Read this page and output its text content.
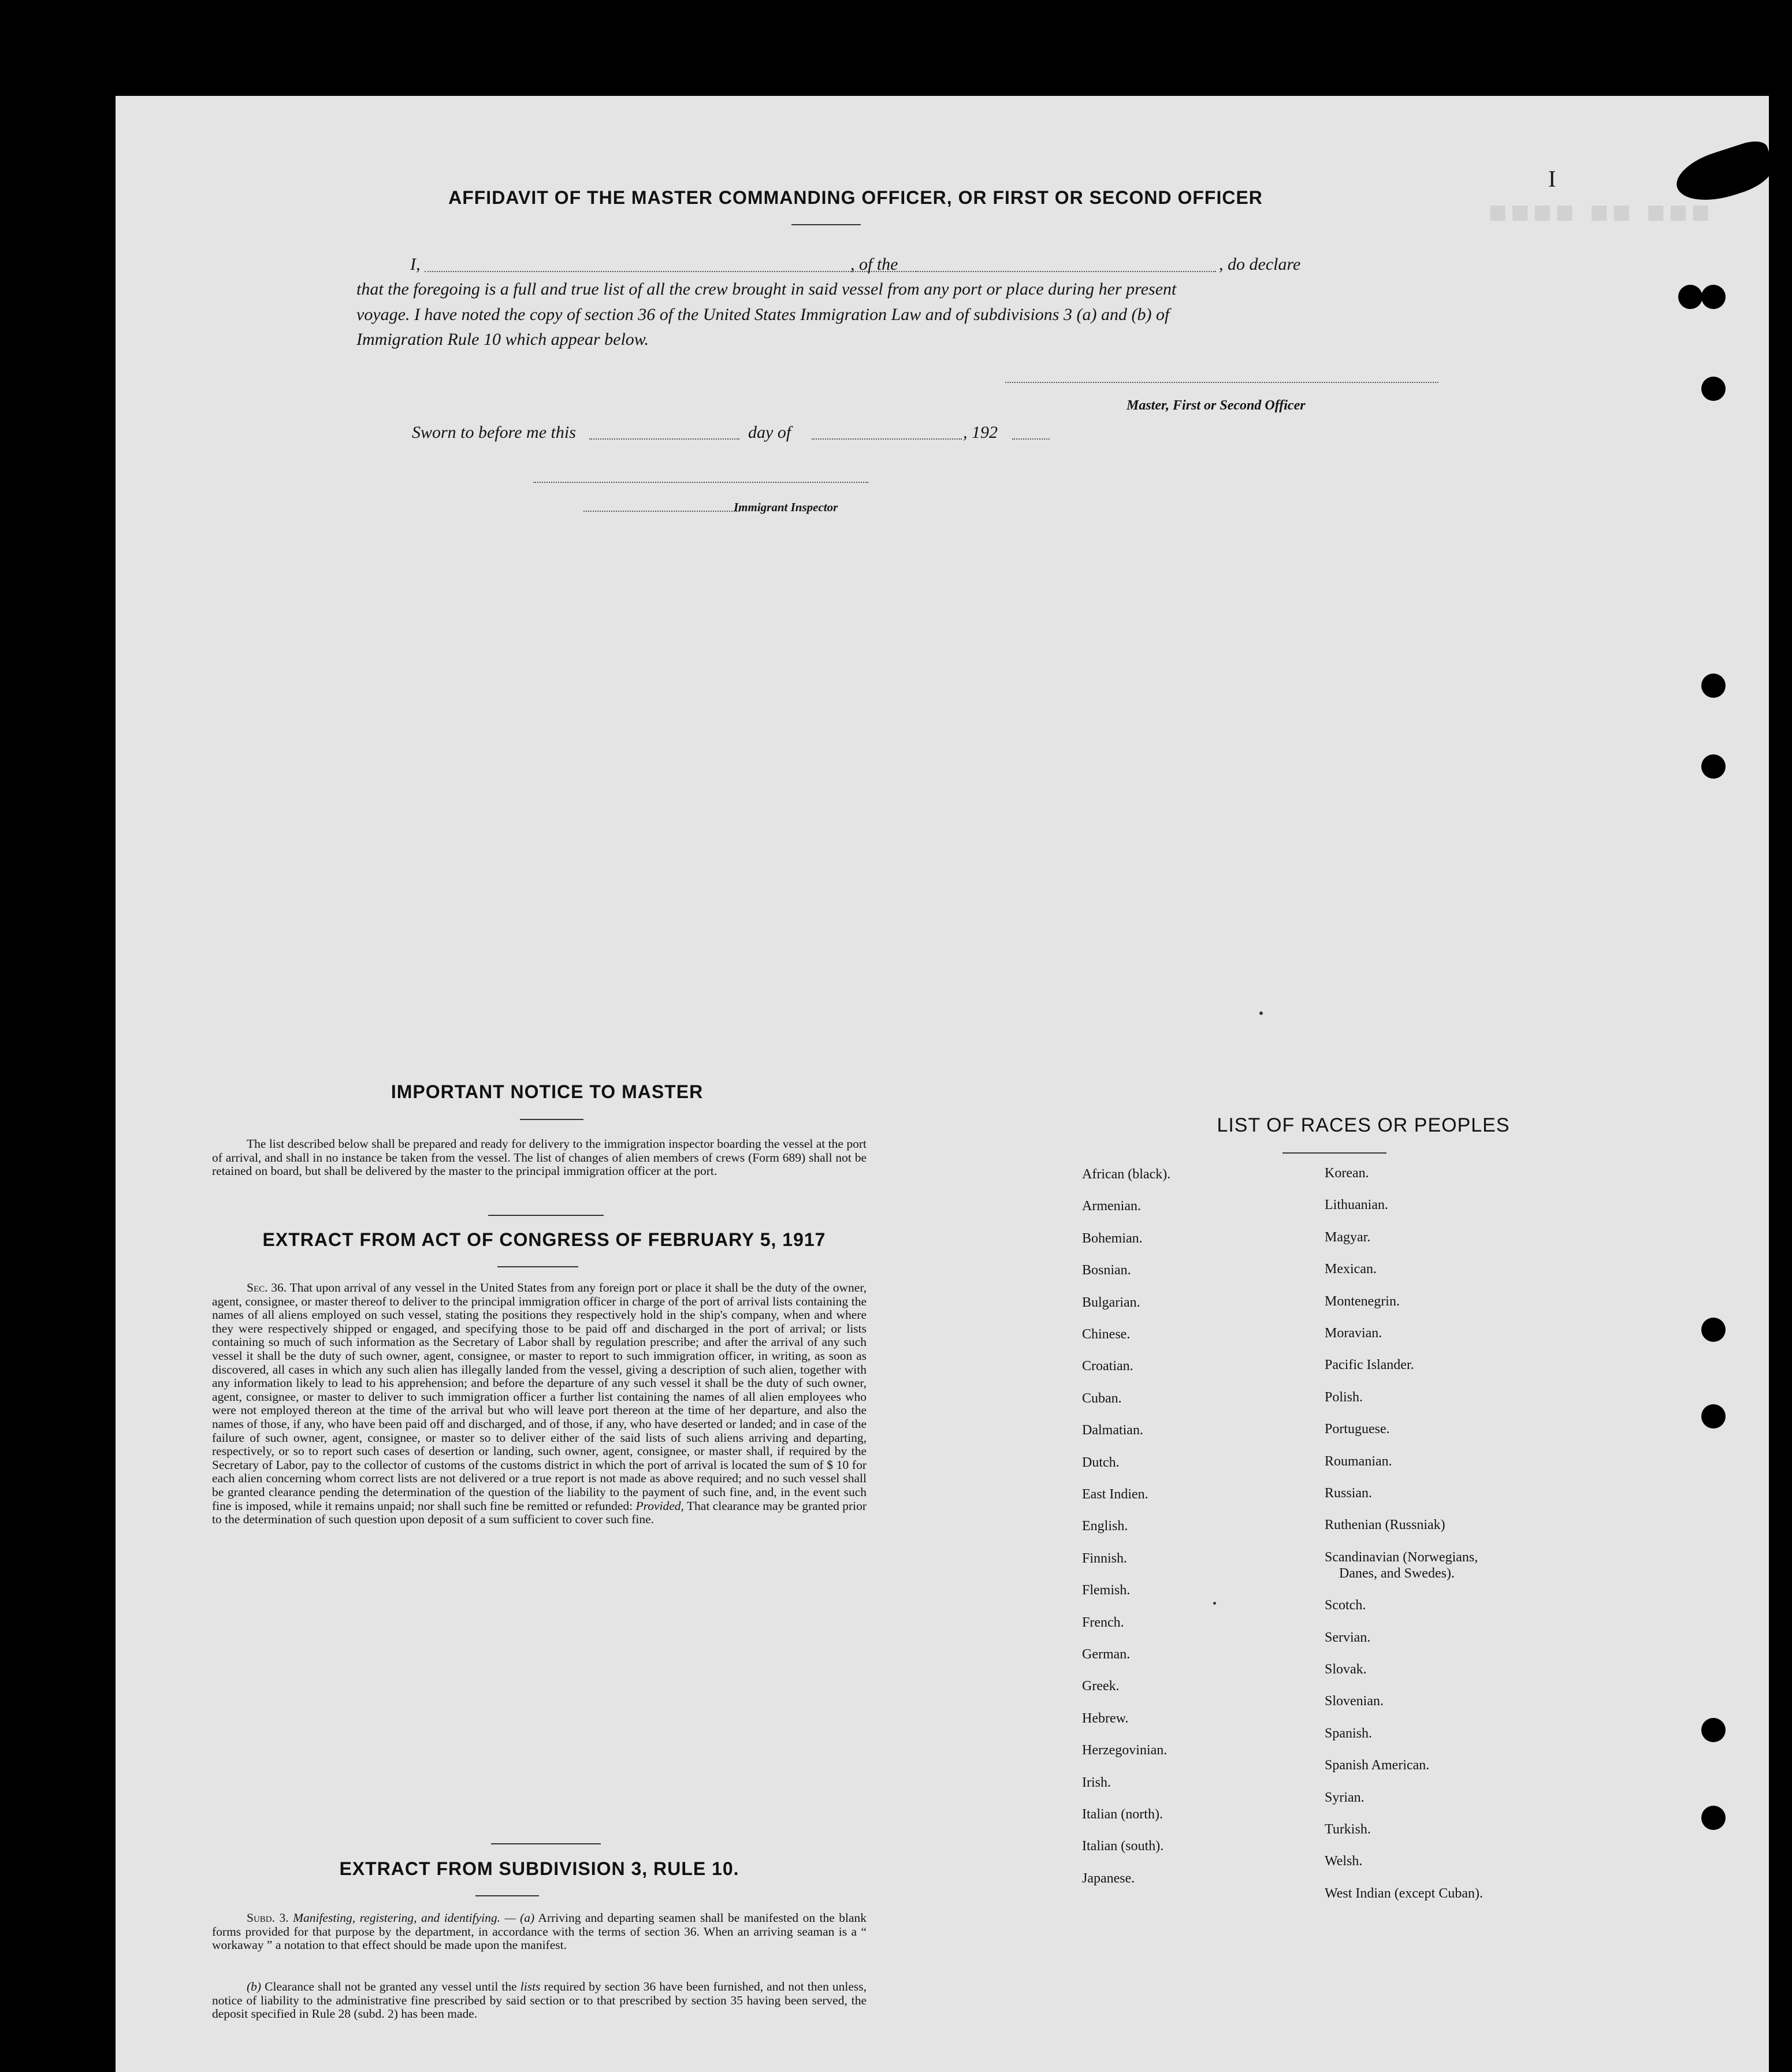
■■■ ■■ ■■■■
I
AFFIDAVIT OF THE MASTER COMMANDING OFFICER, OR FIRST OR SECOND OFFICER
I,	, of the	, do declare
that the foregoing is a full and true list of all the crew brought in said vessel from any port or place during her present
voyage. I have noted the copy of section 36 of the United States Immigration Law and of subdivisions 3 (a) and (b) of
Immigration Rule 10 which appear below.
Master, First or Second Officer
Sworn to before me this	day of	, 192
Immigrant Inspector
IMPORTANT NOTICE TO MASTER
The list described below shall be prepared and ready for delivery to the immigration inspector boarding the vessel at the port of arrival, and shall in no instance be taken from the vessel. The list of changes of alien members of crews (Form 689) shall not be retained on board, but shall be delivered by the master to the principal immigration officer at the port.
EXTRACT FROM ACT OF CONGRESS OF FEBRUARY 5, 1917
Sec. 36. That upon arrival of any vessel in the United States from any foreign port or place it shall be the duty of the owner, agent, consignee, or master thereof to deliver to the principal immigration officer in charge of the port of arrival lists containing the names of all aliens employed on such vessel, stating the positions they respectively hold in the ship's company, when and where they were respectively shipped or engaged, and specifying those to be paid off and discharged in the port of arrival; or lists containing so much of such information as the Secretary of Labor shall by regulation prescribe; and after the arrival of any such vessel it shall be the duty of such owner, agent, consignee, or master to report to such immigration officer, in writing, as soon as discovered, all cases in which any such alien has illegally landed from the vessel, giving a description of such alien, together with any information likely to lead to his apprehension; and before the departure of any such vessel it shall be the duty of such owner, agent, consignee, or master to deliver to such immigration officer a further list containing the names of all alien employees who were not employed thereon at the time of the arrival but who will leave port thereon at the time of her departure, and also the names of those, if any, who have been paid off and discharged, and of those, if any, who have deserted or landed; and in case of the failure of such owner, agent, consignee, or master so to deliver either of the said lists of such aliens arriving and departing, respectively, or so to report such cases of desertion or landing, such owner, agent, consignee, or master shall, if required by the Secretary of Labor, pay to the collector of customs of the customs district in which the port of arrival is located the sum of $ 10 for each alien concerning whom correct lists are not delivered or a true report is not made as above required; and no such vessel shall be granted clearance pending the determination of the question of the liability to the payment of such fine, and, in the event such fine is imposed, while it remains unpaid; nor shall such fine be remitted or refunded: Provided, That clearance may be granted prior to the determination of such question upon deposit of a sum sufficient to cover such fine.
EXTRACT FROM SUBDIVISION 3, RULE 10.
Subd. 3. Manifesting, registering, and identifying. — (a) Arriving and departing seamen shall be manifested on the blank forms provided for that purpose by the department, in accordance with the terms of section 36. When an arriving seaman is a “ workaway ” a notation to that effect should be made upon the manifest.
(b) Clearance shall not be granted any vessel until the lists required by section 36 have been furnished, and not then unless, notice of liability to the administrative fine prescribed by said section or to that prescribed by section 35 having been served, the deposit specified in Rule 28 (subd. 2) has been made.
LIST OF RACES OR PEOPLES
African (black).
Armenian.
Bohemian.
Bosnian.
Bulgarian.
Chinese.
Croatian.
Cuban.
Dalmatian.
Dutch.
East Indien.
English.
Finnish.
Flemish.
French.
German.
Greek.
Hebrew.
Herzegovinian.
Irish.
Italian (north).
Italian (south).
Japanese.
Korean.
Lithuanian.
Magyar.
Mexican.
Montenegrin.
Moravian.
Pacific Islander.
Polish.
Portuguese.
Roumanian.
Russian.
Ruthenian (Russniak)
Scandinavian (Norwegians,
Danes, and Swedes).
Scotch.
Servian.
Slovak.
Slovenian.
Spanish.
Spanish American.
Syrian.
Turkish.
Welsh.
West Indian (except Cuban).
